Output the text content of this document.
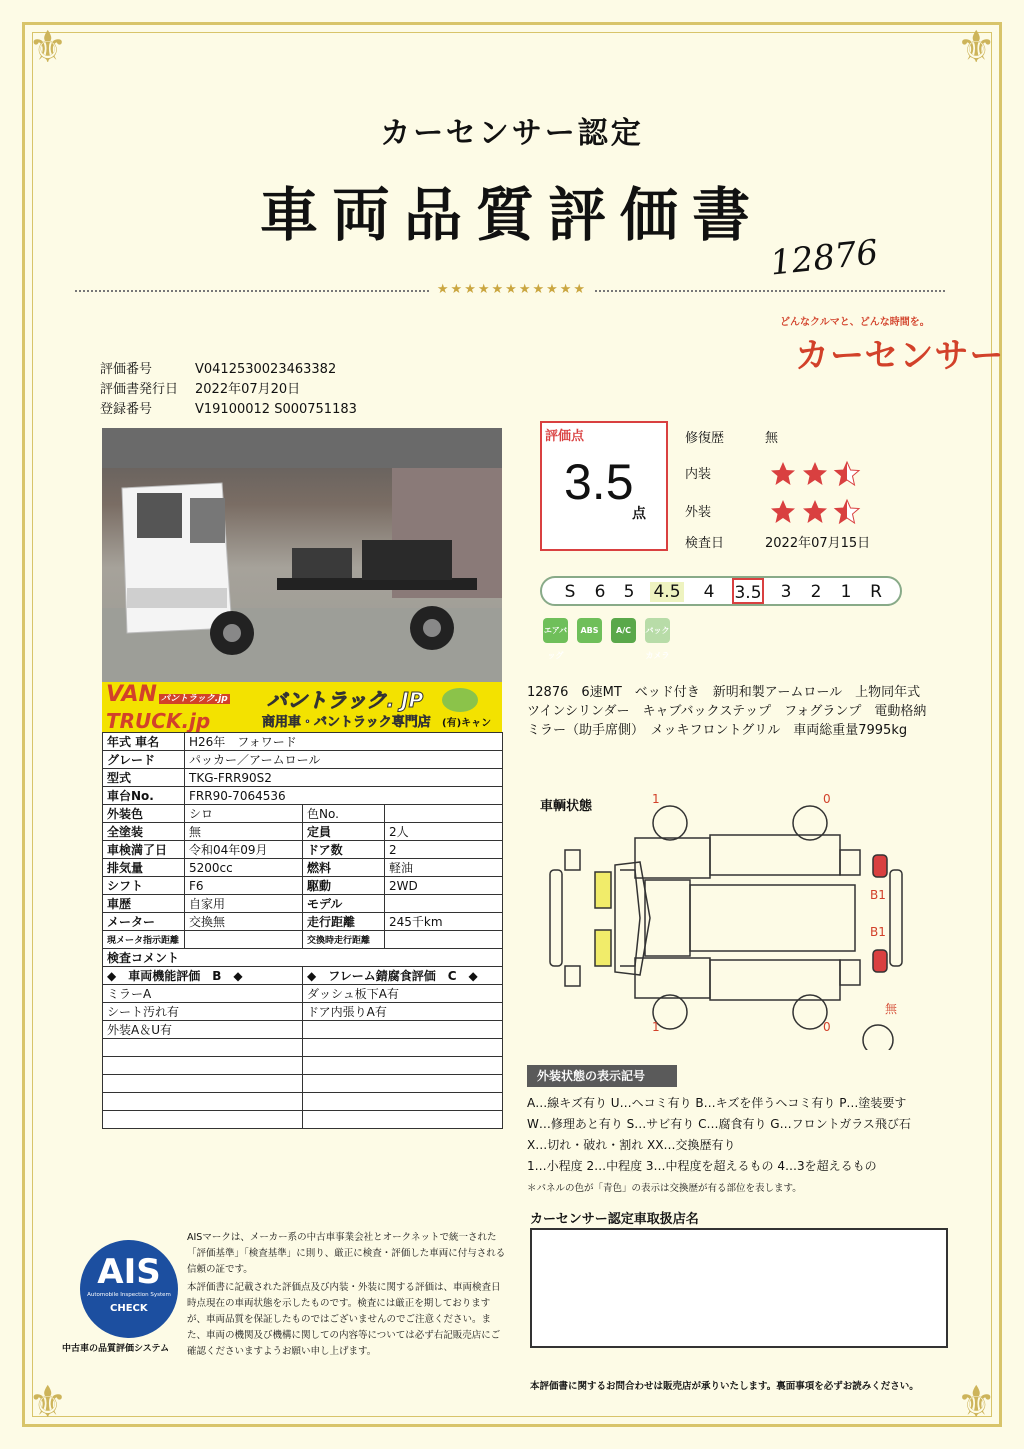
⚜	⚜
⚜	⚜
カーセンサー認定
車両品質評価書
12876
★★★★★★★★★★★
どんなクルマと、どんな時間を。
カーセンサー
評価番号	V0412530023463382
評価書発行日 2022年07月20日
登録番号	V19100012 S000751183
VAN パントラック.jp
TRUCK.jp
バントラック. JP
商用車・バントラック専門店 (有)キャン
年式 車名	H26年　フォワード		
グレード	パッカー／アームロール		
型式	TKG-FRR90S2		
車台No.	FRR90-7064536		
外装色	シロ	色No.	
全塗装	無	定員	2人
車検満了日	令和04年09月	ドア数	2
排気量	5200cc	燃料	軽油
シフト	F6	駆動	2WD
車歴	自家用	モデル	
メーター	交換無	走行距離	245千km
現メータ指示距離		交換時走行距離	
検査コメント			
◆　車両機能評価　B　◆		◆　フレーム錆腐食評価　C　◆	
ミラーA		ダッシュ板下A有	
シート汚れ有		ドア内張りA有	
外装A＆U有			

評価点
3.5
点
修復歴	無
内装
外装
検査日	2022年07月15日
S	6	5	4.5	4	3.5	3	2	1	R
エアバッグ
ABS	A/C	バックカメラ
12876　6速MT　ベッド付き　新明和製アームロール　上物同年式　ツインシリンダー　キャブバックステップ　フォグランプ　電動格納ミラー（助手席側）　メッキフロントグリル　車両総重量7995kg
車輌状態	1	0
1	0
B1
B1
無
外装状態の表示記号
A…線キズ有り U…ヘコミ有り B…キズを伴うヘコミ有り P…塗装要す
W…修理あと有り S…サビ有り C…腐食有り G…フロントガラス飛び石
X…切れ・破れ・割れ XX…交換歴有り
1…小程度 2…中程度 3…中程度を超えるもの 4…3を超えるもの
＊パネルの色が「青色」の表示は交換歴が有る部位を表します。
カーセンサー認定車取扱店名
AIS
Automobile Inspection System
CHECK
中古車の品質評価システム
AISマークは、メーカー系の中古車事業会社とオークネットで統一された「評価基準」「検査基準」に則り、厳正に検査・評価した車両に付与される信頼の証です。
本評価書に記載された評価点及び内装・外装に関する評価は、車両検査日時点現在の車両状態を示したものです。検査には厳正を期しておりますが、車両品質を保証したものではございませんのでご注意ください。また、車両の機関及び機構に関しての内容等については必ず右記販売店にご確認くださいますようお願い申し上げます。
本評価書に関するお問合わせは販売店が承りいたします。裏面事項を必ずお読みください。
